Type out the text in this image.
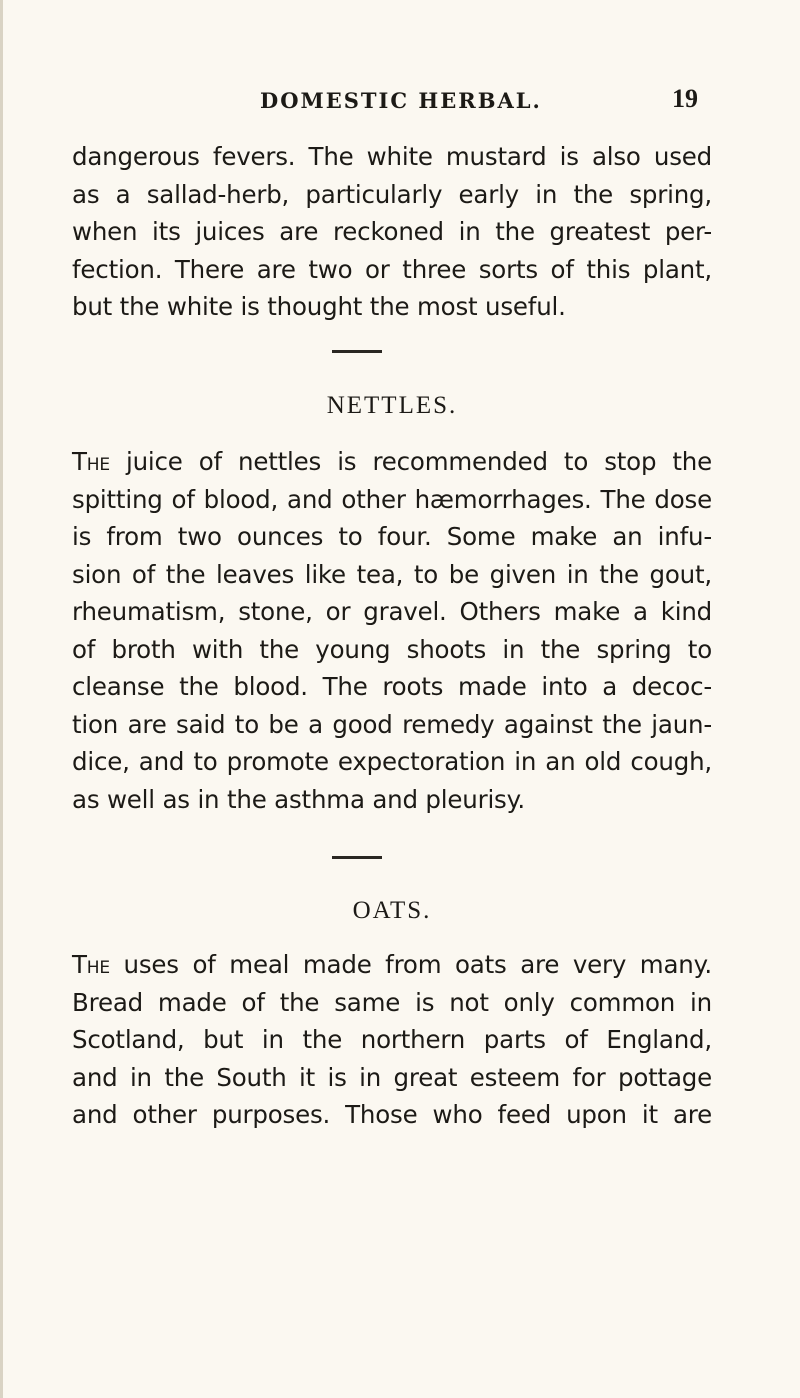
DOMESTIC HERBAL.	19
dangerous fevers. The white mustard is also used
as a sallad-herb, particularly early in the spring,
when its juices are reckoned in the greatest per-
fection. There are two or three sorts of this plant,
but the white is thought the most useful.
NETTLES.
The juice of nettles is recommended to stop the
spitting of blood, and other hæmorrhages. The dose
is from two ounces to four. Some make an infu-
sion of the leaves like tea, to be given in the gout,
rheumatism, stone, or gravel. Others make a kind
of broth with the young shoots in the spring to
cleanse the blood. The roots made into a decoc-
tion are said to be a good remedy against the jaun-
dice, and to promote expectoration in an old cough,
as well as in the asthma and pleurisy.
OATS.
The uses of meal made from oats are very many.
Bread made of the same is not only common in
Scotland, but in the northern parts of England,
and in the South it is in great esteem for pottage
and other purposes. Those who feed upon it are
